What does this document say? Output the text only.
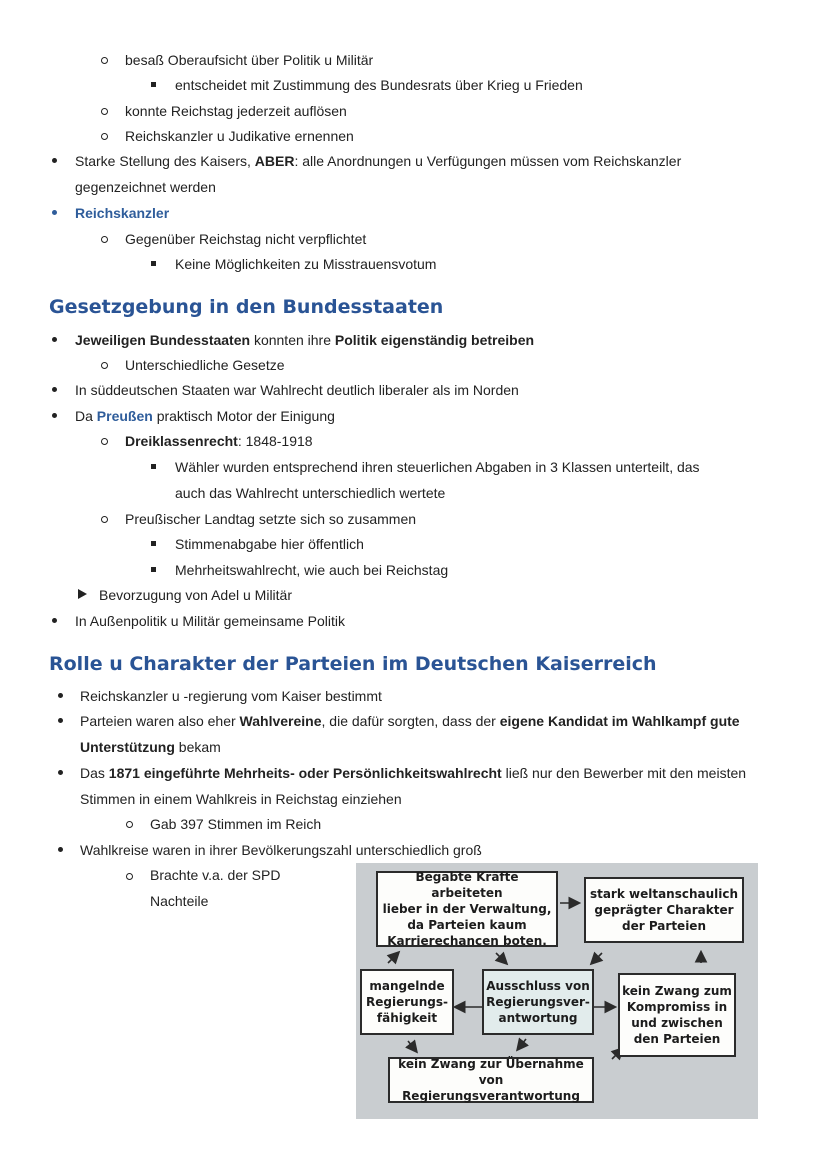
besaß Oberaufsicht über Politik u Militär
entscheidet mit Zustimmung des Bundesrats über Krieg u Frieden
konnte Reichstag jederzeit auflösen
Reichskanzler u Judikative ernennen
Starke Stellung des Kaisers, ABER: alle Anordnungen u Verfügungen müssen vom Reichskanzler
gegenzeichnet werden
Reichskanzler
Gegenüber Reichstag nicht verpflichtet
Keine Möglichkeiten zu Misstrauensvotum
Gesetzgebung in den Bundesstaaten
Jeweiligen Bundesstaaten konnten ihre Politik eigenständig betreiben
Unterschiedliche Gesetze
In süddeutschen Staaten war Wahlrecht deutlich liberaler als im Norden
Da Preußen praktisch Motor der Einigung
Dreiklassenrecht: 1848-1918
Wähler wurden entsprechend ihren steuerlichen Abgaben in 3 Klassen unterteilt, das
auch das Wahlrecht unterschiedlich wertete
Preußischer Landtag setzte sich so zusammen
Stimmenabgabe hier öffentlich
Mehrheitswahlrecht, wie auch bei Reichstag
Bevorzugung von Adel u Militär
In Außenpolitik u Militär gemeinsame Politik
Rolle u Charakter der Parteien im Deutschen Kaiserreich
Reichskanzler u -regierung vom Kaiser bestimmt
Parteien waren also eher Wahlvereine, die dafür sorgten, dass der eigene Kandidat im Wahlkampf gute
Unterstützung bekam
Das 1871 eingeführte Mehrheits- oder Persönlichkeitswahlrecht ließ nur den Bewerber mit den meisten
Stimmen in einem Wahlkreis in Reichstag einziehen
Gab 397 Stimmen im Reich
Wahlkreise waren in ihrer Bevölkerungszahl unterschiedlich groß
Brachte v.a. der SPD
Nachteile
Begabte Kräfte arbeiteten
lieber in der Verwaltung,
da Parteien kaum
Karrierechancen boten.
stark weltanschaulich
geprägter Charakter
der Parteien
mangelnde
Regierungs-
fähigkeit
Ausschluss von
Regierungsver-
antwortung
kein Zwang zum
Kompromiss in
und zwischen
den Parteien
kein Zwang zur Übernahme
von Regierungsverantwortung
